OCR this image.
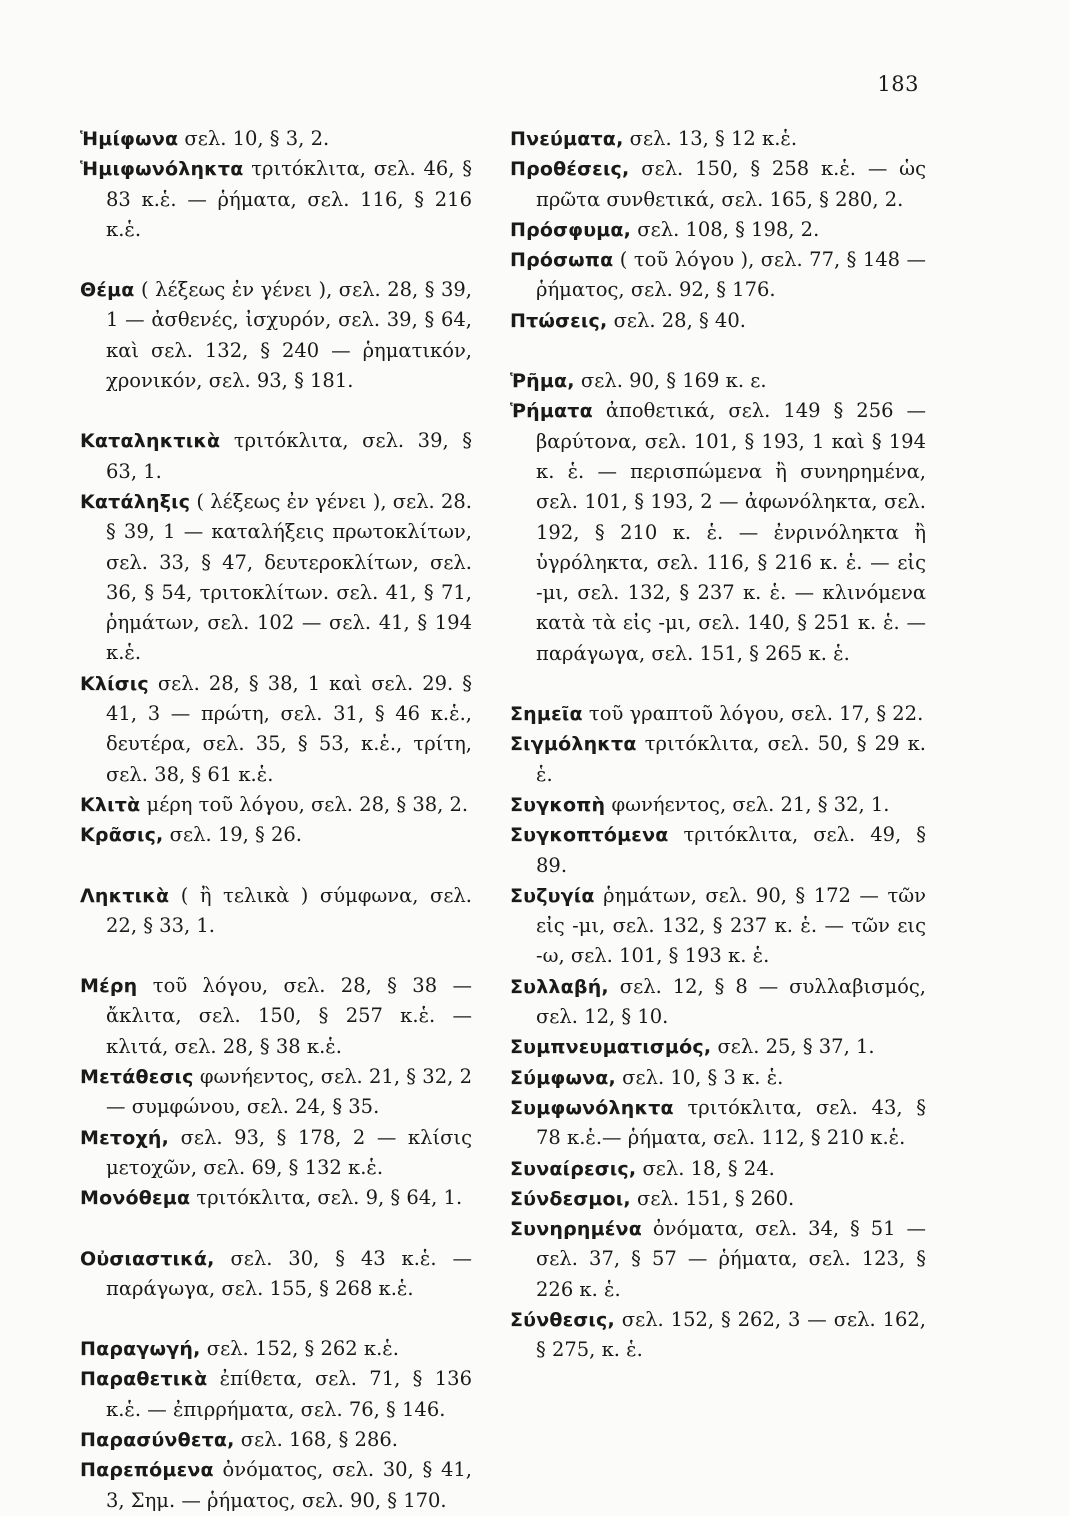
183

Ἡμίφωνα σελ. 10, § 3, 2.

Ἡμιφωνόληκτα τριτόκλιτα, σελ. 46, § 83 κ.ἑ. — ῥήματα, σελ. 116, § 216 κ.ἑ.

Θέμα ( λέξεως ἐν γένει ), σελ. 28, § 39, 1 — ἀσθενές, ἰσχυρόν, σελ. 39, § 64, καὶ σελ. 132, § 240 — ῥηματικόν, χρονικόν, σελ. 93, § 181.

Καταληκτικὰ τριτόκλιτα, σελ. 39, § 63, 1.

Κατάληξις ( λέξεως ἐν γένει ), σελ. 28. § 39, 1 — καταλήξεις πρωτοκλίτων, σελ. 33, § 47, δευτεροκλίτων, σελ. 36, § 54, τριτοκλίτων. σελ. 41, § 71, ῥημάτων, σελ. 102 — σελ. 41, § 194 κ.ἑ.

Κλίσις σελ. 28, § 38, 1 καὶ σελ. 29. § 41, 3 — πρώτη, σελ. 31, § 46 κ.ἑ., δευτέρα, σελ. 35, § 53, κ.ἑ., τρίτη, σελ. 38, § 61 κ.ἑ.

Κλιτὰ μέρη τοῦ λόγου, σελ. 28, § 38, 2.

Κρᾶσις, σελ. 19, § 26.

Ληκτικὰ ( ἢ τελικὰ ) σύμφωνα, σελ. 22, § 33, 1.

Μέρη τοῦ λόγου, σελ. 28, § 38 — ἄκλιτα, σελ. 150, § 257 κ.ἑ. — κλιτά, σελ. 28, § 38 κ.ἑ.

Μετάθεσις φωνήεντος, σελ. 21, § 32, 2 — συμφώνου, σελ. 24, § 35.

Μετοχή, σελ. 93, § 178, 2 — κλίσις μετοχῶν, σελ. 69, § 132 κ.ἑ.

Μονόθεμα τριτόκλιτα, σελ. 9, § 64, 1.

Οὐσιαστικά, σελ. 30, § 43 κ.ἑ. — παράγωγα, σελ. 155, § 268 κ.ἑ.

Παραγωγή, σελ. 152, § 262 κ.ἑ.

Παραθετικὰ ἐπίθετα, σελ. 71, § 136 κ.ἑ. — ἐπιρρήματα, σελ. 76, § 146.

Παρασύνθετα, σελ. 168, § 286.

Παρεπόμενα ὀνόματος, σελ. 30, § 41, 3, Σημ. — ῥήματος, σελ. 90, § 170.

Πνεύματα, σελ. 13, § 12 κ.ἑ.

Προθέσεις, σελ. 150, § 258 κ.ἑ. — ὡς πρῶτα συνθετικά, σελ. 165, § 280, 2.

Πρόσφυμα, σελ. 108, § 198, 2.

Πρόσωπα ( τοῦ λόγου ), σελ. 77, § 148 — ῥήματος, σελ. 92, § 176.

Πτώσεις, σελ. 28, § 40.

Ῥῆμα, σελ. 90, § 169 κ. ε.

Ῥήματα ἀποθετικά, σελ. 149 § 256 — βαρύτονα, σελ. 101, § 193, 1 καὶ § 194 κ. ἑ. — περισπώμενα ἢ συνηρημένα, σελ. 101, § 193, 2 — ἀφωνόληκτα, σελ. 192, § 210 κ. ἑ. — ἐνρινόληκτα ἢ ὑγρόληκτα, σελ. 116, § 216 κ. ἑ. — εἰς -μι, σελ. 132, § 237 κ. ἑ. — κλινόμενα κατὰ τὰ εἰς -μι, σελ. 140, § 251 κ. ἑ. — παράγωγα, σελ. 151, § 265 κ. ἑ.

Σημεῖα τοῦ γραπτοῦ λόγου, σελ. 17, § 22.

Σιγμόληκτα τριτόκλιτα, σελ. 50, § 29 κ. ἑ.

Συγκοπὴ φωνήεντος, σελ. 21, § 32, 1.

Συγκοπτόμενα τριτόκλιτα, σελ. 49, § 89.

Συζυγία ῥημάτων, σελ. 90, § 172 — τῶν εἰς -μι, σελ. 132, § 237 κ. ἑ. — τῶν εις -ω, σελ. 101, § 193 κ. ἑ.

Συλλαβή, σελ. 12, § 8 — συλλαβισμός, σελ. 12, § 10.

Συμπνευματισμός, σελ. 25, § 37, 1.

Σύμφωνα, σελ. 10, § 3 κ. ἑ.

Συμφωνόληκτα τριτόκλιτα, σελ. 43, § 78 κ.ἑ.— ῥήματα, σελ. 112, § 210 κ.ἑ.

Συναίρεσις, σελ. 18, § 24.

Σύνδεσμοι, σελ. 151, § 260.

Συνηρημένα ὀνόματα, σελ. 34, § 51 — σελ. 37, § 57 — ῥήματα, σελ. 123, § 226 κ. ἑ.

Σύνθεσις, σελ. 152, § 262, 3 — σελ. 162, § 275, κ. ἑ.
